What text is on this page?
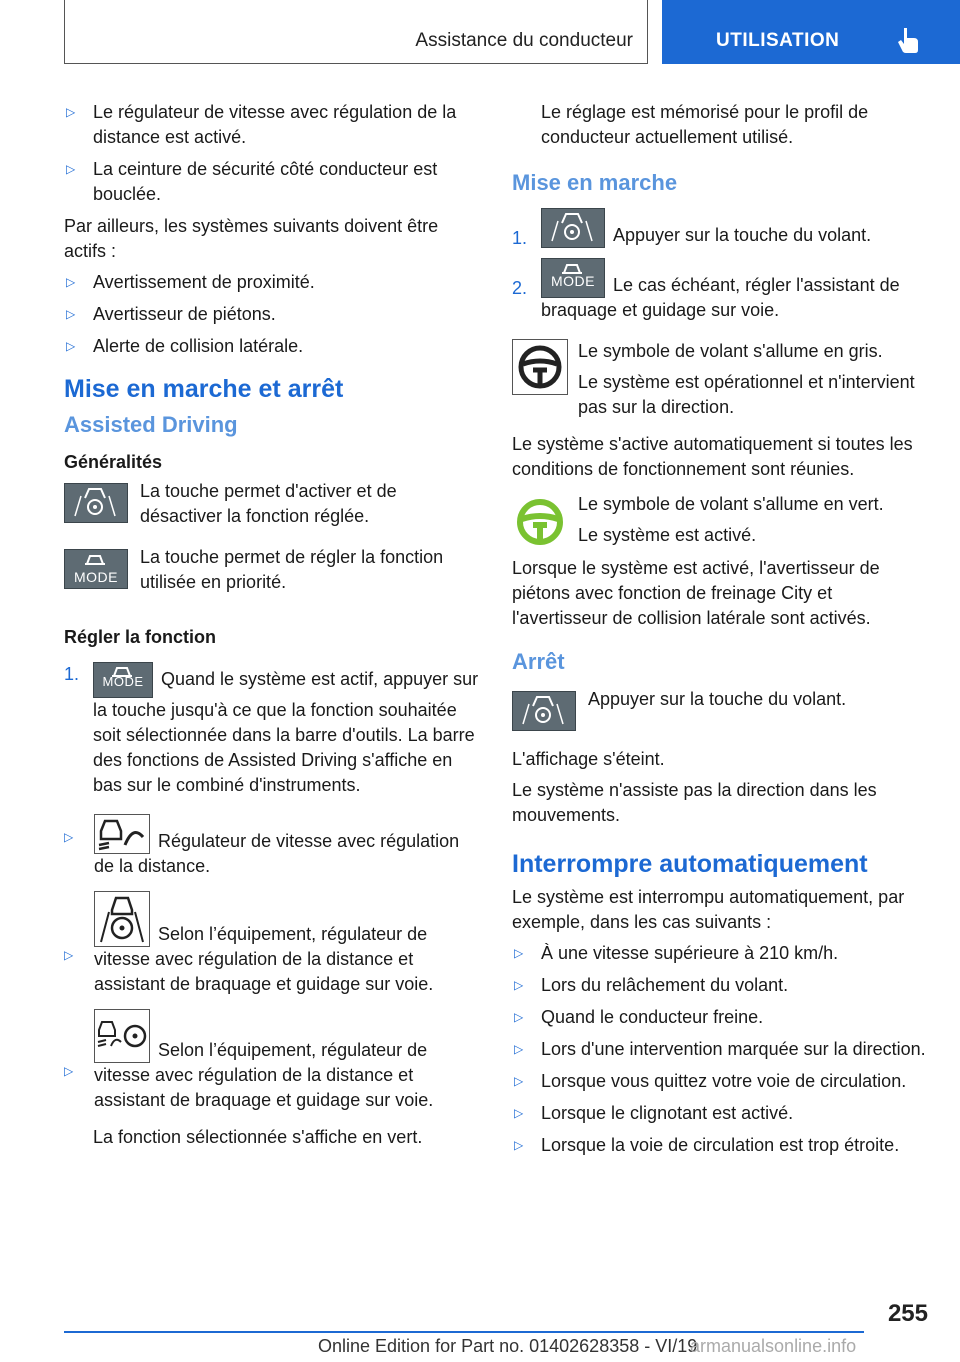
Assistance du conducteur	UTILISATION
▷ Le régulateur de vitesse avec régulation de la distance est activé.
▷ La ceinture de sécurité côté conducteur est bouclée.

Par ailleurs, les systèmes suivants doivent être actifs :

▷ Avertissement de proximité.
▷ Avertisseur de piétons.
▷ Alerte de collision latérale.
Mise en marche et arrêt
Assisted Driving
Généralités

La touche permet d'activer et de désactiver la fonction réglée.

MODE

La touche permet de régler la fonction utilisée en priorité.

Régler la fonction
1.	MODE Quand le système est actif, appuyer sur la touche jusqu'à ce que la fonction souhaitée soit sélectionnée dans la barre d'outils. La barre des fonctions de Assisted Driving s'affiche en bas sur le combiné d'instruments.
▷	Régulateur de vitesse avec régulation de la distance.
▷
Selon l’équipement, régulateur de vitesse avec régulation de la distance et assistant de braquage et guidage sur voie.
▷
Selon l’équipement, régulateur de vitesse avec régulation de la distance et assistant de braquage et guidage sur voie.

La fonction sélectionnée s'affiche en vert.

Le réglage est mémorisé pour le profil de conducteur actuellement utilisé.

Mise en marche
1.	Appuyer sur la touche du volant.
2.	MODE	Le cas échéant, régler l'assistant de braquage et guidage sur voie.

Le symbole de volant s'allume en gris.

Le système est opérationnel et n'intervient pas sur la direction.

Le système s'active automatiquement si toutes les conditions de fonctionnement sont réunies.

Le symbole de volant s'allume en vert.

Le système est activé.

Lorsque le système est activé, l'avertisseur de piétons avec fonction de freinage City et l'avertisseur de collision latérale sont activés.

Arrêt

Appuyer sur la touche du volant.

L'affichage s'éteint.

Le système n'assiste pas la direction dans les mouvements.

Interrompre automatiquement

Le système est interrompu automatiquement, par exemple, dans les cas suivants :

▷ À une vitesse supérieure à 210 km/h.
▷ Lors du relâchement du volant.
▷ Quand le conducteur freine.
▷ Lors d'une intervention marquée sur la direction.
▷ Lorsque vous quittez votre voie de circulation.
▷ Lorsque le clignotant est activé.
▷ Lorsque la voie de circulation est trop étroite.
255
Online Edition for Part no. 01402628358 - VI/19
armanualsonline.info
